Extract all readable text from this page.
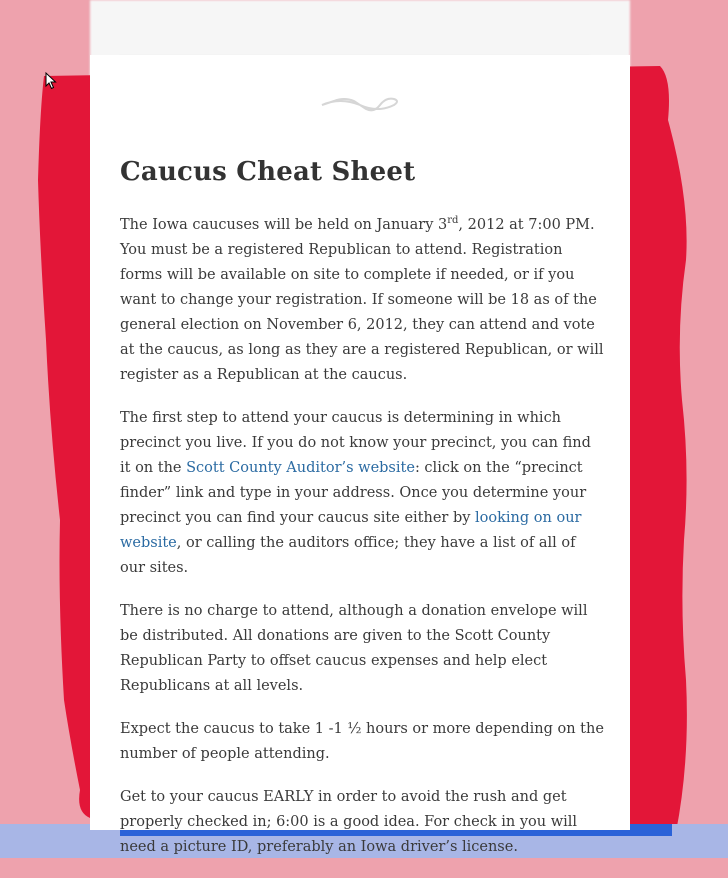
Caucus Cheat Sheet

The Iowa caucuses will be held on January 3rd, 2012 at 7:00 PM. You must be a registered Republican to attend. Registration forms will be available on site to complete if needed, or if you want to change your registration. If someone will be 18 as of the general election on November 6, 2012, they can attend and vote at the caucus, as long as they are a registered Republican, or will register as a Republican at the caucus.

The first step to attend your caucus is determining in which precinct you live. If you do not know your precinct, you can find it on the Scott County Auditor’s website: click on the “precinct finder” link and type in your address. Once you determine your precinct you can find your caucus site either by looking on our website, or calling the auditors office; they have a list of all of our sites.

There is no charge to attend, although a donation envelope will be distributed. All donations are given to the Scott County Republican Party to offset caucus expenses and help elect Republicans at all levels.

Expect the caucus to take 1 -1 ½ hours or more depending on the number of people attending.

Get to your caucus EARLY in order to avoid the rush and get properly checked in; 6:00 is a good idea. For check in you will need a picture ID, preferably an Iowa driver’s license.
